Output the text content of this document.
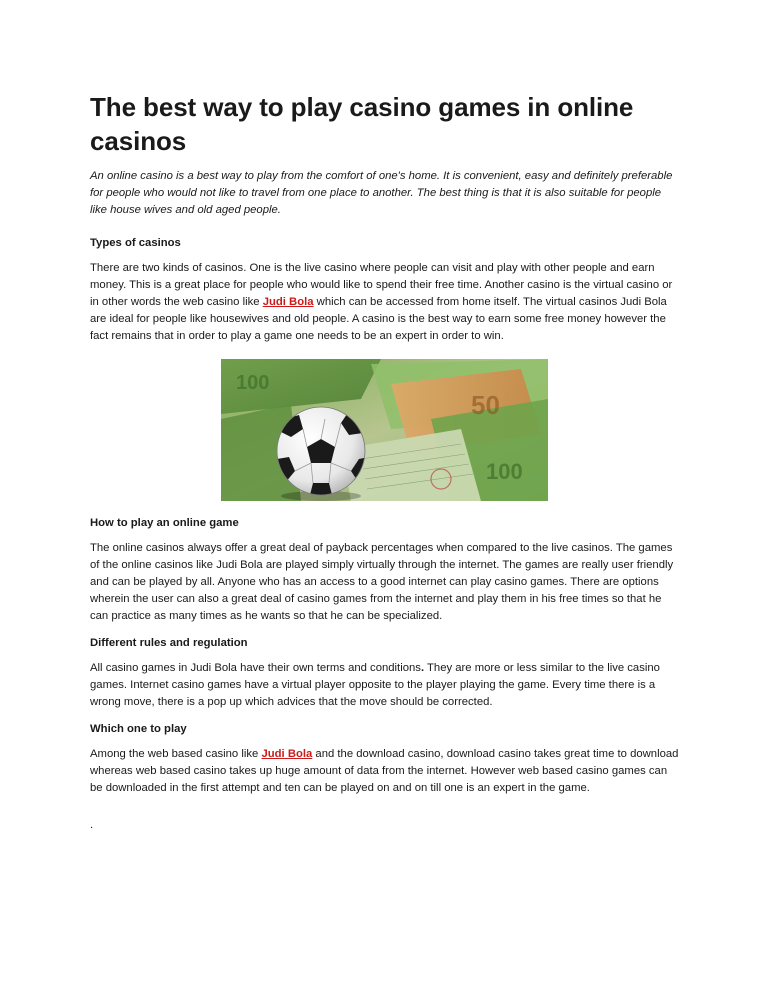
The best way to play casino games in online casinos

An online casino is a best way to play from the comfort of one's home. It is convenient, easy and definitely preferable for people who would not like to travel from one place to another. The best thing is that it is also suitable for people like house wives and old aged people.

Types of casinos

There are two kinds of casinos. One is the live casino where people can visit and play with other people and earn money. This is a great place for people who would like to spend their free time. Another casino is the virtual casino or in other words the web casino like Judi Bola which can be accessed from home itself. The virtual casinos Judi Bola are ideal for people like housewives and old people. A casino is the best way to earn some free money however the fact remains that in order to play a game one needs to be an expert in order to win.

50
100
100

How to play an online game

The online casinos always offer a great deal of payback percentages when compared to the live casinos. The games of the online casinos like Judi Bola are played simply virtually through the internet. The games are really user friendly and can be played by all. Anyone who has an access to a good internet can play casino games. There are options wherein the user can also a great deal of casino games from the internet and play them in his free times so that he can practice as many times as he wants so that he can be specialized.

Different rules and regulation

All casino games in Judi Bola have their own terms and conditions. They are more or less similar to the live casino games. Internet casino games have a virtual player opposite to the player playing the game. Every time there is a wrong move, there is a pop up which advices that the move should be corrected.

Which one to play

Among the web based casino like Judi Bola and the download casino, download casino takes great time to download whereas web based casino takes up huge amount of data from the internet. However web based casino games can be downloaded in the first attempt and ten can be played on and on till one is an expert in the game.

.
